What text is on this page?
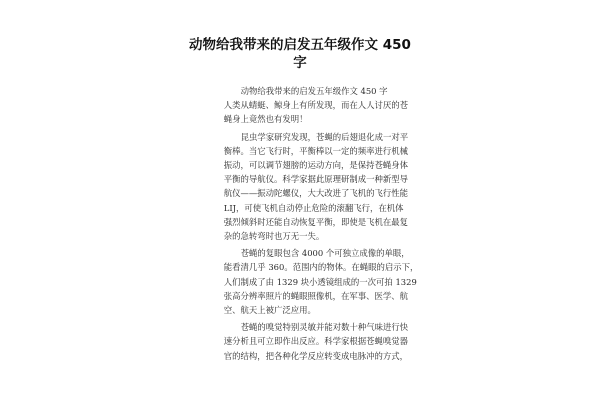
动物给我带来的启发五年级作文 450
字
动物给我带来的启发五年级作文 450 字
人类从蜻蜓、鲸身上有所发现，而在人人讨厌的苍
蝇身上竟然也有发明！
昆虫学家研究发现，苍蝇的后翅退化成一对平
衡棒。当它飞行时，平衡棒以一定的频率进行机械
振动，可以调节翅膀的运动方向，是保持苍蝇身体
平衡的导航仪。科学家据此原理研制成一种新型导
航仪——振动陀螺仪，大大改进了飞机的飞行性能
LIJ，可使飞机自动停止危险的滚翻飞行，在机体
强烈倾斜时还能自动恢复平衡，即使是飞机在最复
杂的急转弯时也万无一失。
苍蝇的复眼包含 4000 个可独立成像的单眼，
能看清几乎 360。范围内的物体。在蝇眼的启示下，
人们制成了由 1329 块小透镜组成的一次可拍 1329
张高分辨率照片的蝇眼照像机，在军事、医学、航
空、航天上被广泛应用。
苍蝇的嗅觉特别灵敏并能对数十种气味进行快
速分析且可立即作出反应。科学家根据苍蝇嗅觉器
官的结构，把各种化学反应转变成电脉冲的方式，
